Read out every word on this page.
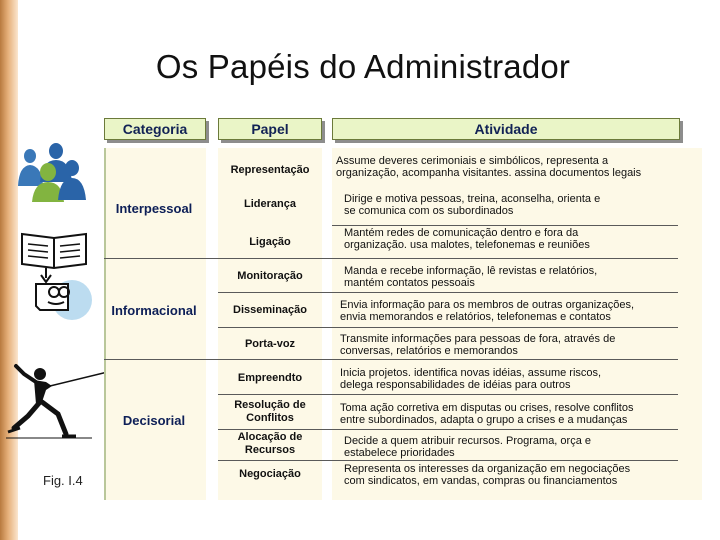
Os Papéis do Administrador
Fig. I.4
Categoria	Papel	Atividade
Interpessoal
Informacional
Decisorial
Representação
Liderança
Ligação
Monitoração
Disseminação
Porta-voz
Empreendto
Resolução de
Conflitos
Alocação de
Recursos
Negociação
Assume deveres cerimoniais e simbólicos, representa a
organização, acompanha visitantes. assina documentos legais
Dirige e motiva pessoas, treina, aconselha, orienta e
se comunica com os subordinados
Mantém redes de comunicação dentro e fora da
organização. usa malotes, telefonemas e reuniões
Manda e recebe informação, lê revistas e relatórios,
mantém contatos pessoais
Envia informação para os membros de outras organizações,
envia memorandos e relatórios, telefonemas e contatos
Transmite informações para pessoas de fora, através de
conversas, relatórios e memorandos
Inicia projetos. identifica novas idéias, assume riscos,
delega responsabilidades de idéias para outros
Toma ação corretiva em disputas ou crises, resolve conflitos
entre subordinados, adapta o grupo a crises e a mudanças
Decide a quem atribuir recursos. Programa, orça e
estabelece prioridades
Representa os interesses da organização em negociações
com sindicatos, em vandas, compras ou financiamentos
